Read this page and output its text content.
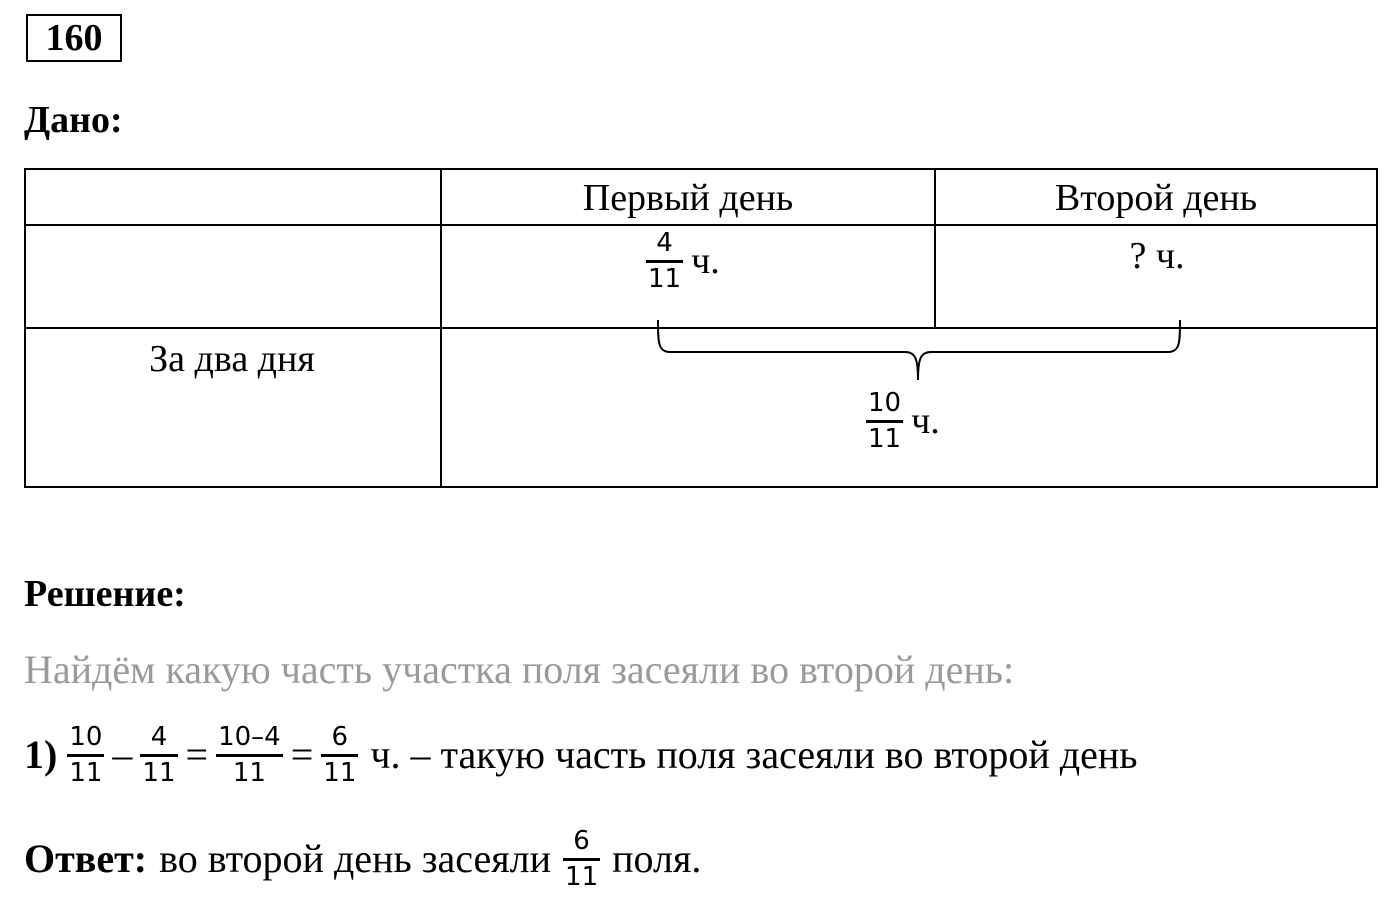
160
Дано:
Первый день	Второй день
$\frac{4}{11} ч$.	? ч.
За два дня
$\frac{10}{11} ч$.
Решение:
Найдём какую часть участка поля засеяли во второй день:
$1) \frac{10}{11} - \frac{4}{11} = \frac{10-4}{11} = \frac{6}{11} ч$. – такую часть поля засеяли во второй день
Ответ: во второй день засеяли $\frac{6}{11}$ поля.
